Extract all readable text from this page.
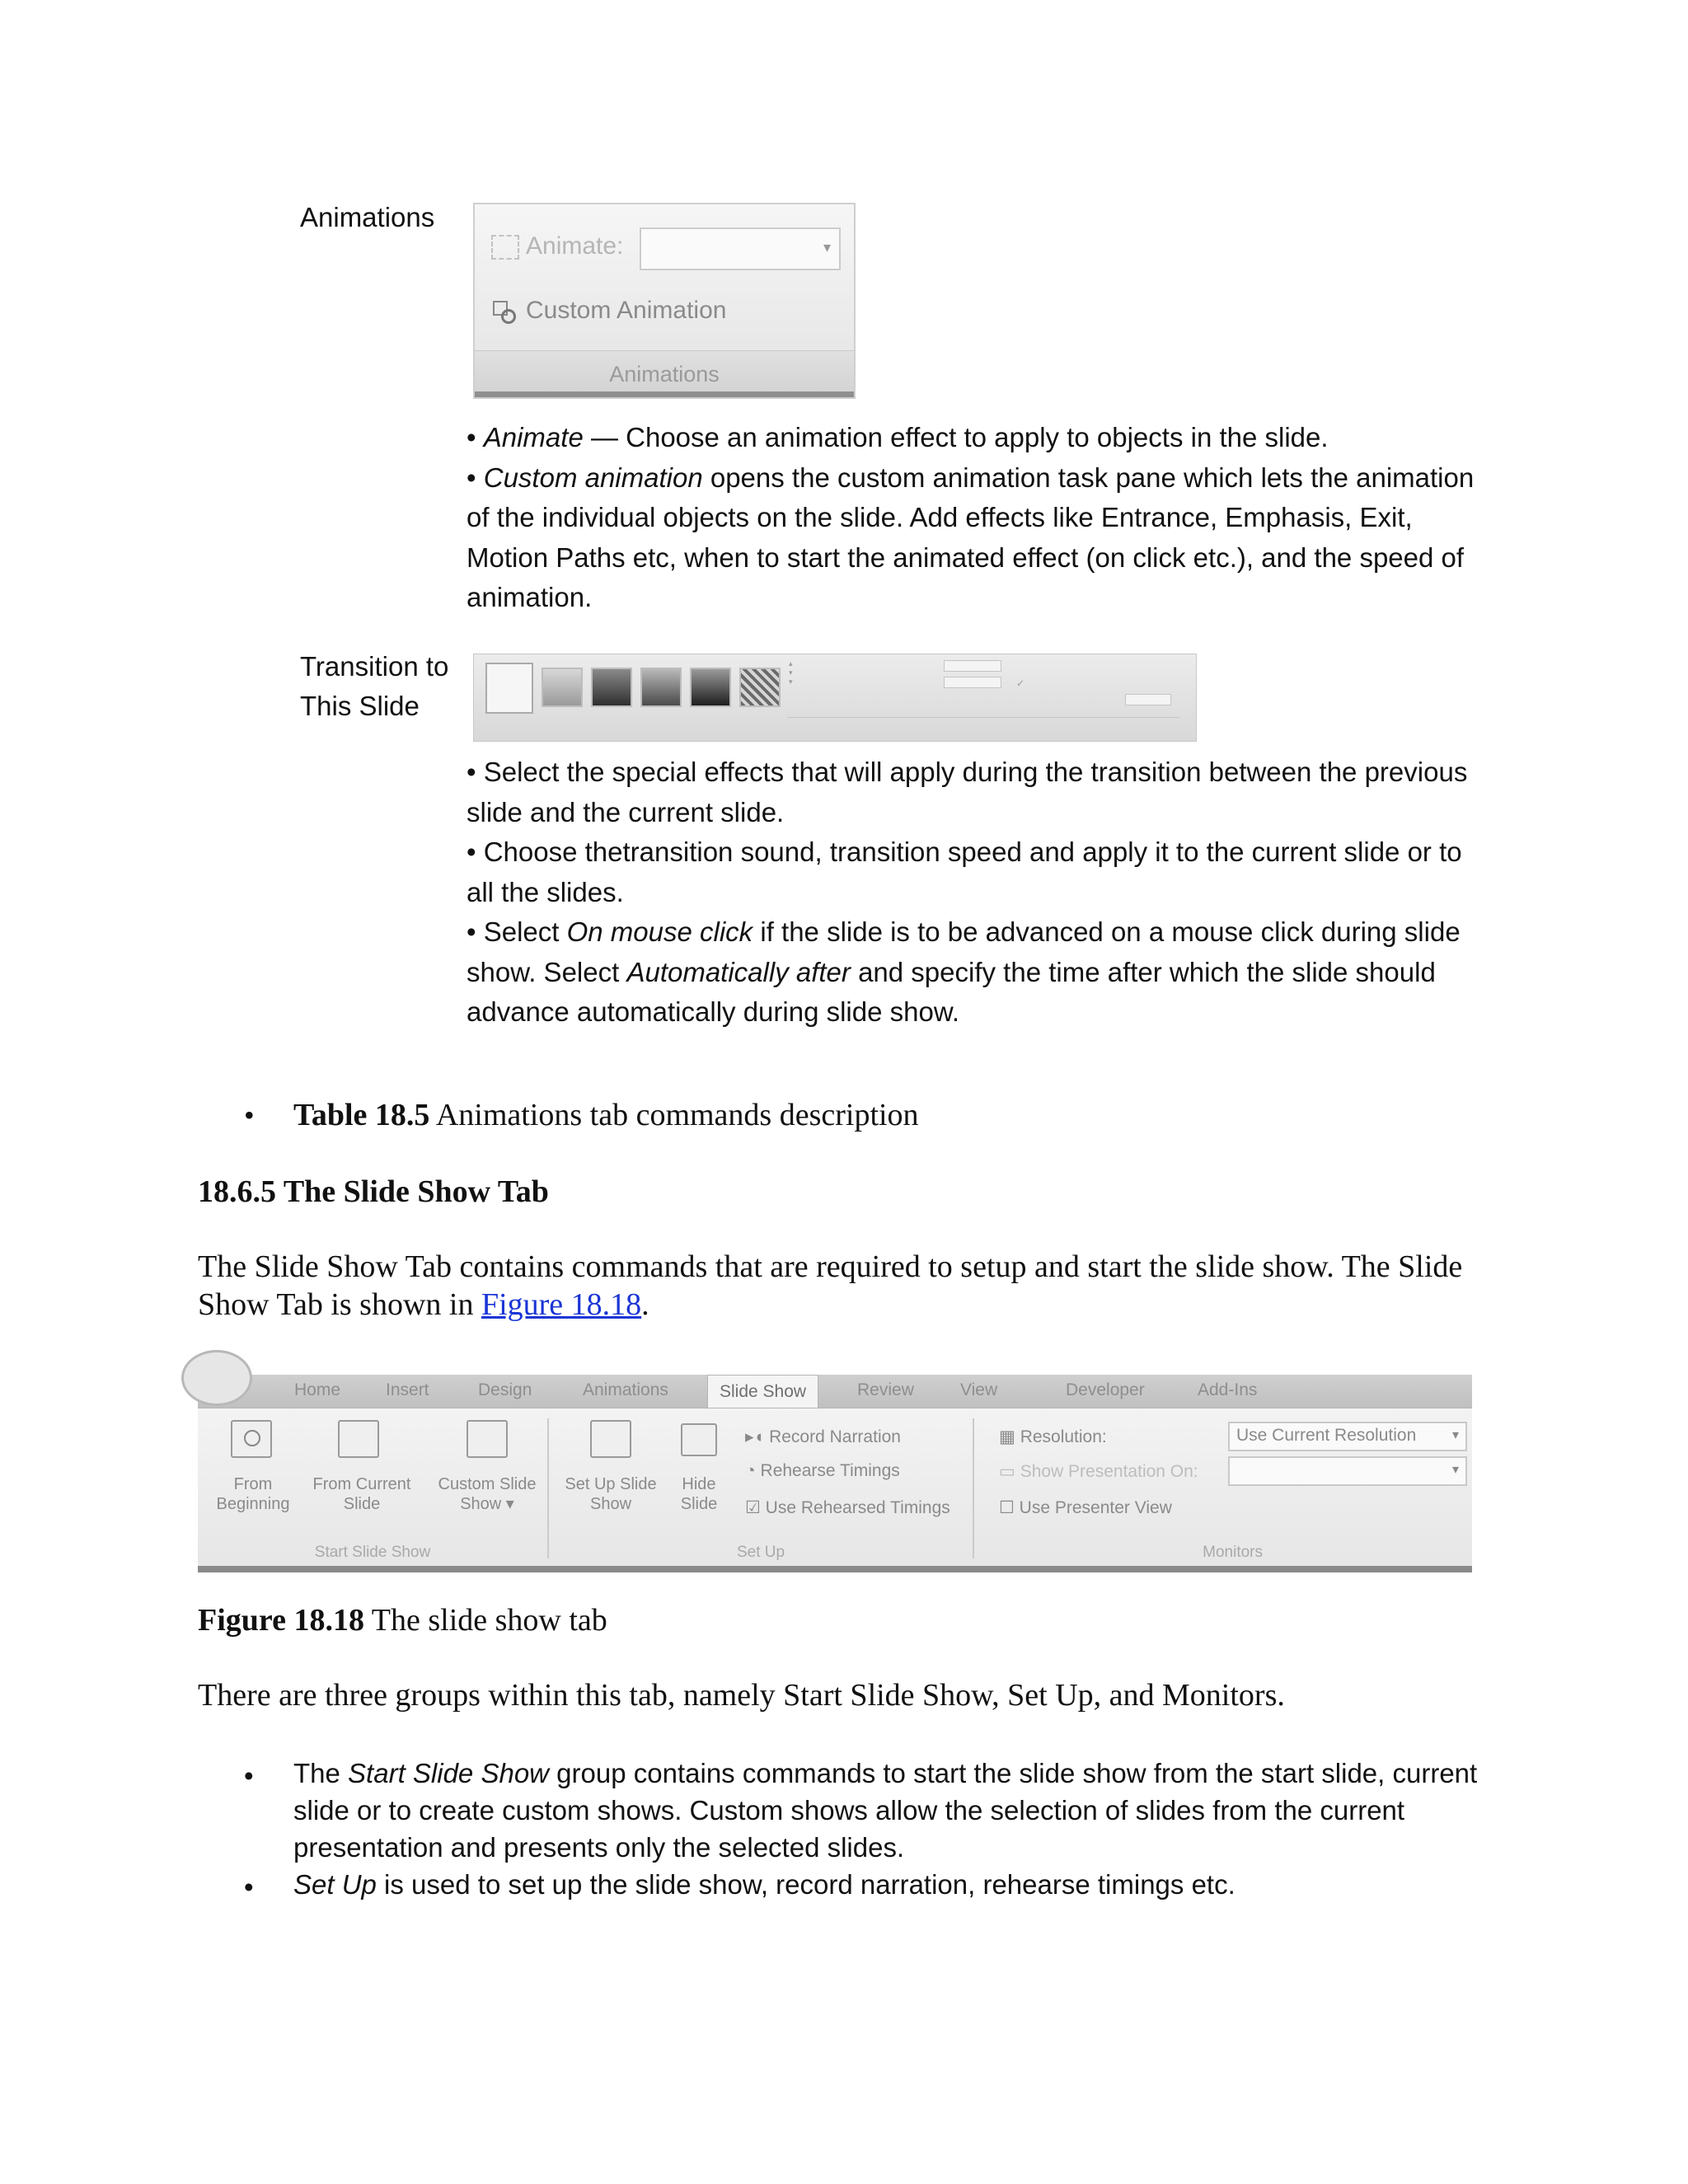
Animations
Animate:	▾
Custom Animation
Animations

• Animate — Choose an animation effect to apply to objects in the slide.

• Custom animation opens the custom animation task pane which lets the animation of the individual objects on the slide. Add effects like Entrance, Emphasis, Exit, Motion Paths etc, when to start the animated effect (on click etc.), and the speed of animation.

Transition to
This Slide
▴
▾
▾	✓

• Select the special effects that will apply during the transition between the previous slide and the current slide.

• Choose thetransition sound, transition speed and apply it to the current slide or to all the slides.

• Select On mouse click if the slide is to be advanced on a mouse click during slide show. Select Automatically after and specify the time after which the slide should advance automatically during slide show.

• Table 18.5 Animations tab commands description
18.6.5 The Slide Show Tab
The Slide Show Tab contains commands that are required to setup and start the slide show. The Slide Show Tab is shown in Figure 18.18.
Home	Insert	Design	Animations	Slide Show	Review	View	Developer	Add-Ins
From Beginning
From Current Slide
Custom Slide Show ▾
Start Slide Show
Set Up Slide Show
Hide Slide
▸◖ Record Narration
◔ Rehearse Timings
☑ Use Rehearsed Timings
Set Up
▦ Resolution:	Use Current Resolution	▾
▭ Show Presentation On:	▾
☐ Use Presenter View
Monitors
Figure 18.18 The slide show tab
There are three groups within this tab, namely Start Slide Show, Set Up, and Monitors.
• The Start Slide Show group contains commands to start the slide show from the start slide, current slide or to create custom shows. Custom shows allow the selection of slides from the current presentation and presents only the selected slides.
• Set Up is used to set up the slide show, record narration, rehearse timings etc.
